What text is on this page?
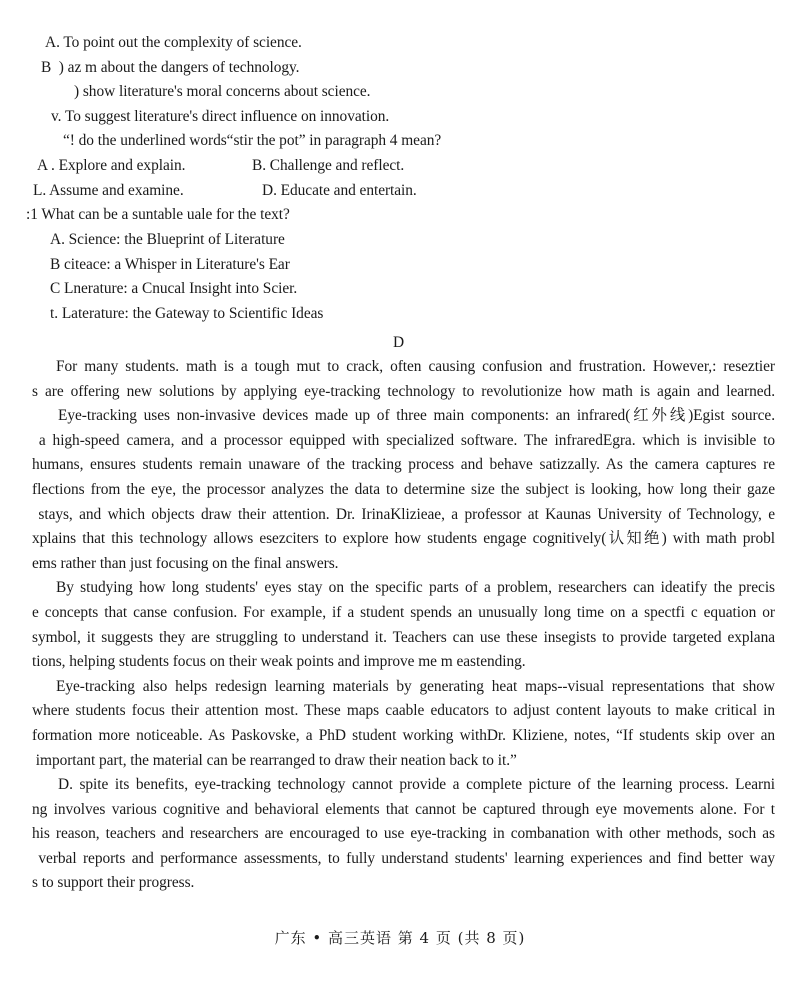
A. To point out the complexity of science.
B  ) az m about the dangers of technology.
) show literature's moral concerns about science.
v. To suggest literature's direct influence on innovation.
“! do the underlined words“stir the pot” in paragraph 4 mean?
A . Explore and explain.	B. Challenge and reflect.
L. Assume and examine.	D. Educate and entertain.
:1 What can be a suntable uale for the text?
A. Science: the Blueprint of Literature
B citeace: a Whisper in Literature's Ear
C Lnerature: a Cnucal Insight into Scier.
t. Laterature: the Gateway to Scientific Ideas
D
For many students. math is a tough mut to crack, often causing confusion and frustration. However,: reseztier
s are offering new solutions by applying eye-tracking technology to revolutionize how math is again and learned.
Eye-tracking uses non-invasive devices made up of three main components: an infrared(红外线)Egist source.
a high-speed camera, and a processor equipped with specialized software. The infraredEgra. which is invisible to
humans, ensures students remain unaware of the tracking process and behave satizzally. As the camera captures re
flections from the eye, the processor analyzes the data to determine size the subject is looking, how long their gaze
stays, and which objects draw their attention. Dr. IrinaKlizieae, a professor at Kaunas University of Technology, e
xplains that this technology allows esezciters to explore how students engage cognitively(认知绝) with math probl
ems rather than just focusing on the final answers.
By studying how long students' eyes stay on the specific parts of a problem, researchers can ideatify the precis
e concepts that canse confusion. For example, if a student spends an unusually long time on a spectfi c equation or
symbol, it suggests they are struggling to understand it. Teachers can use these insegists to provide targeted explana
tions, helping students focus on their weak points and improve me m eastending.
Eye-tracking also helps redesign learning materials by generating heat maps--visual representations that show
where students focus their attention most. These maps caable educators to adjust content layouts to make critical in
formation more noticeable. As Paskovske, a PhD student working withDr. Kliziene, notes, “If students skip over an
important part, the material can be rearranged to draw their neation back to it.”
D. spite its benefits, eye-tracking technology cannot provide a complete picture of the learning process. Learni
ng involves various cognitive and behavioral elements that cannot be captured through eye movements alone. For t
his reason, teachers and researchers are encouraged to use eye-tracking in combanation with other methods, soch as
verbal reports and performance assessments, to fully understand students' learning experiences and find better way
s to support their progress.
广东 • 高三英语 第 4 页 (共 8 页)
